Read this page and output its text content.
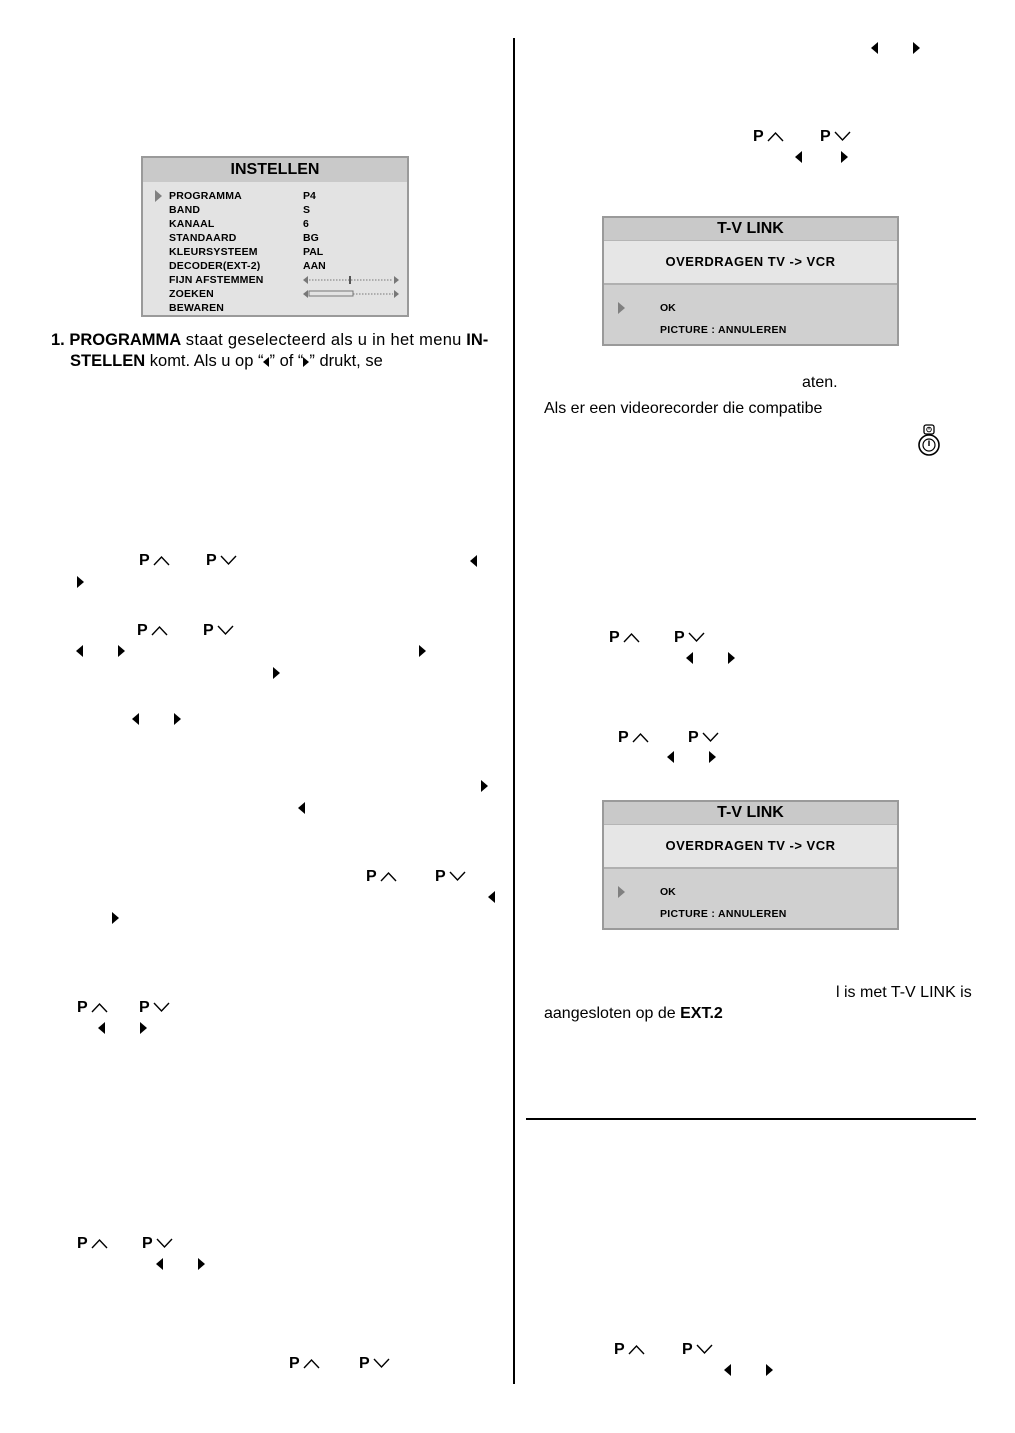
INSTELLEN
PROGRAMMA	P4
BAND	S
KANAAL	6
STANDAARD	BG
KLEURSYSTEEM	PAL
DECODER(EXT-2)	AAN
FIJN AFSTEMMEN
ZOEKEN
BEWAREN
1. PROGRAMMA staat geselecteerd als u in het menu IN-
STELLEN komt. Als u op “ ” of “ ” drukt, se
P	P
P	P
P	P
P	P
P	P
P	P
P	P
T-V LINK
OVERDRAGEN TV -> VCR
OK
PICTURE : ANNULEREN
aten.
Als er een videorecorder die compatibe
P	P
P	P
T-V LINK
OVERDRAGEN TV -> VCR
OK
PICTURE : ANNULEREN
l is met T-V LINK is
aangesloten op de EXT.2
P	P
